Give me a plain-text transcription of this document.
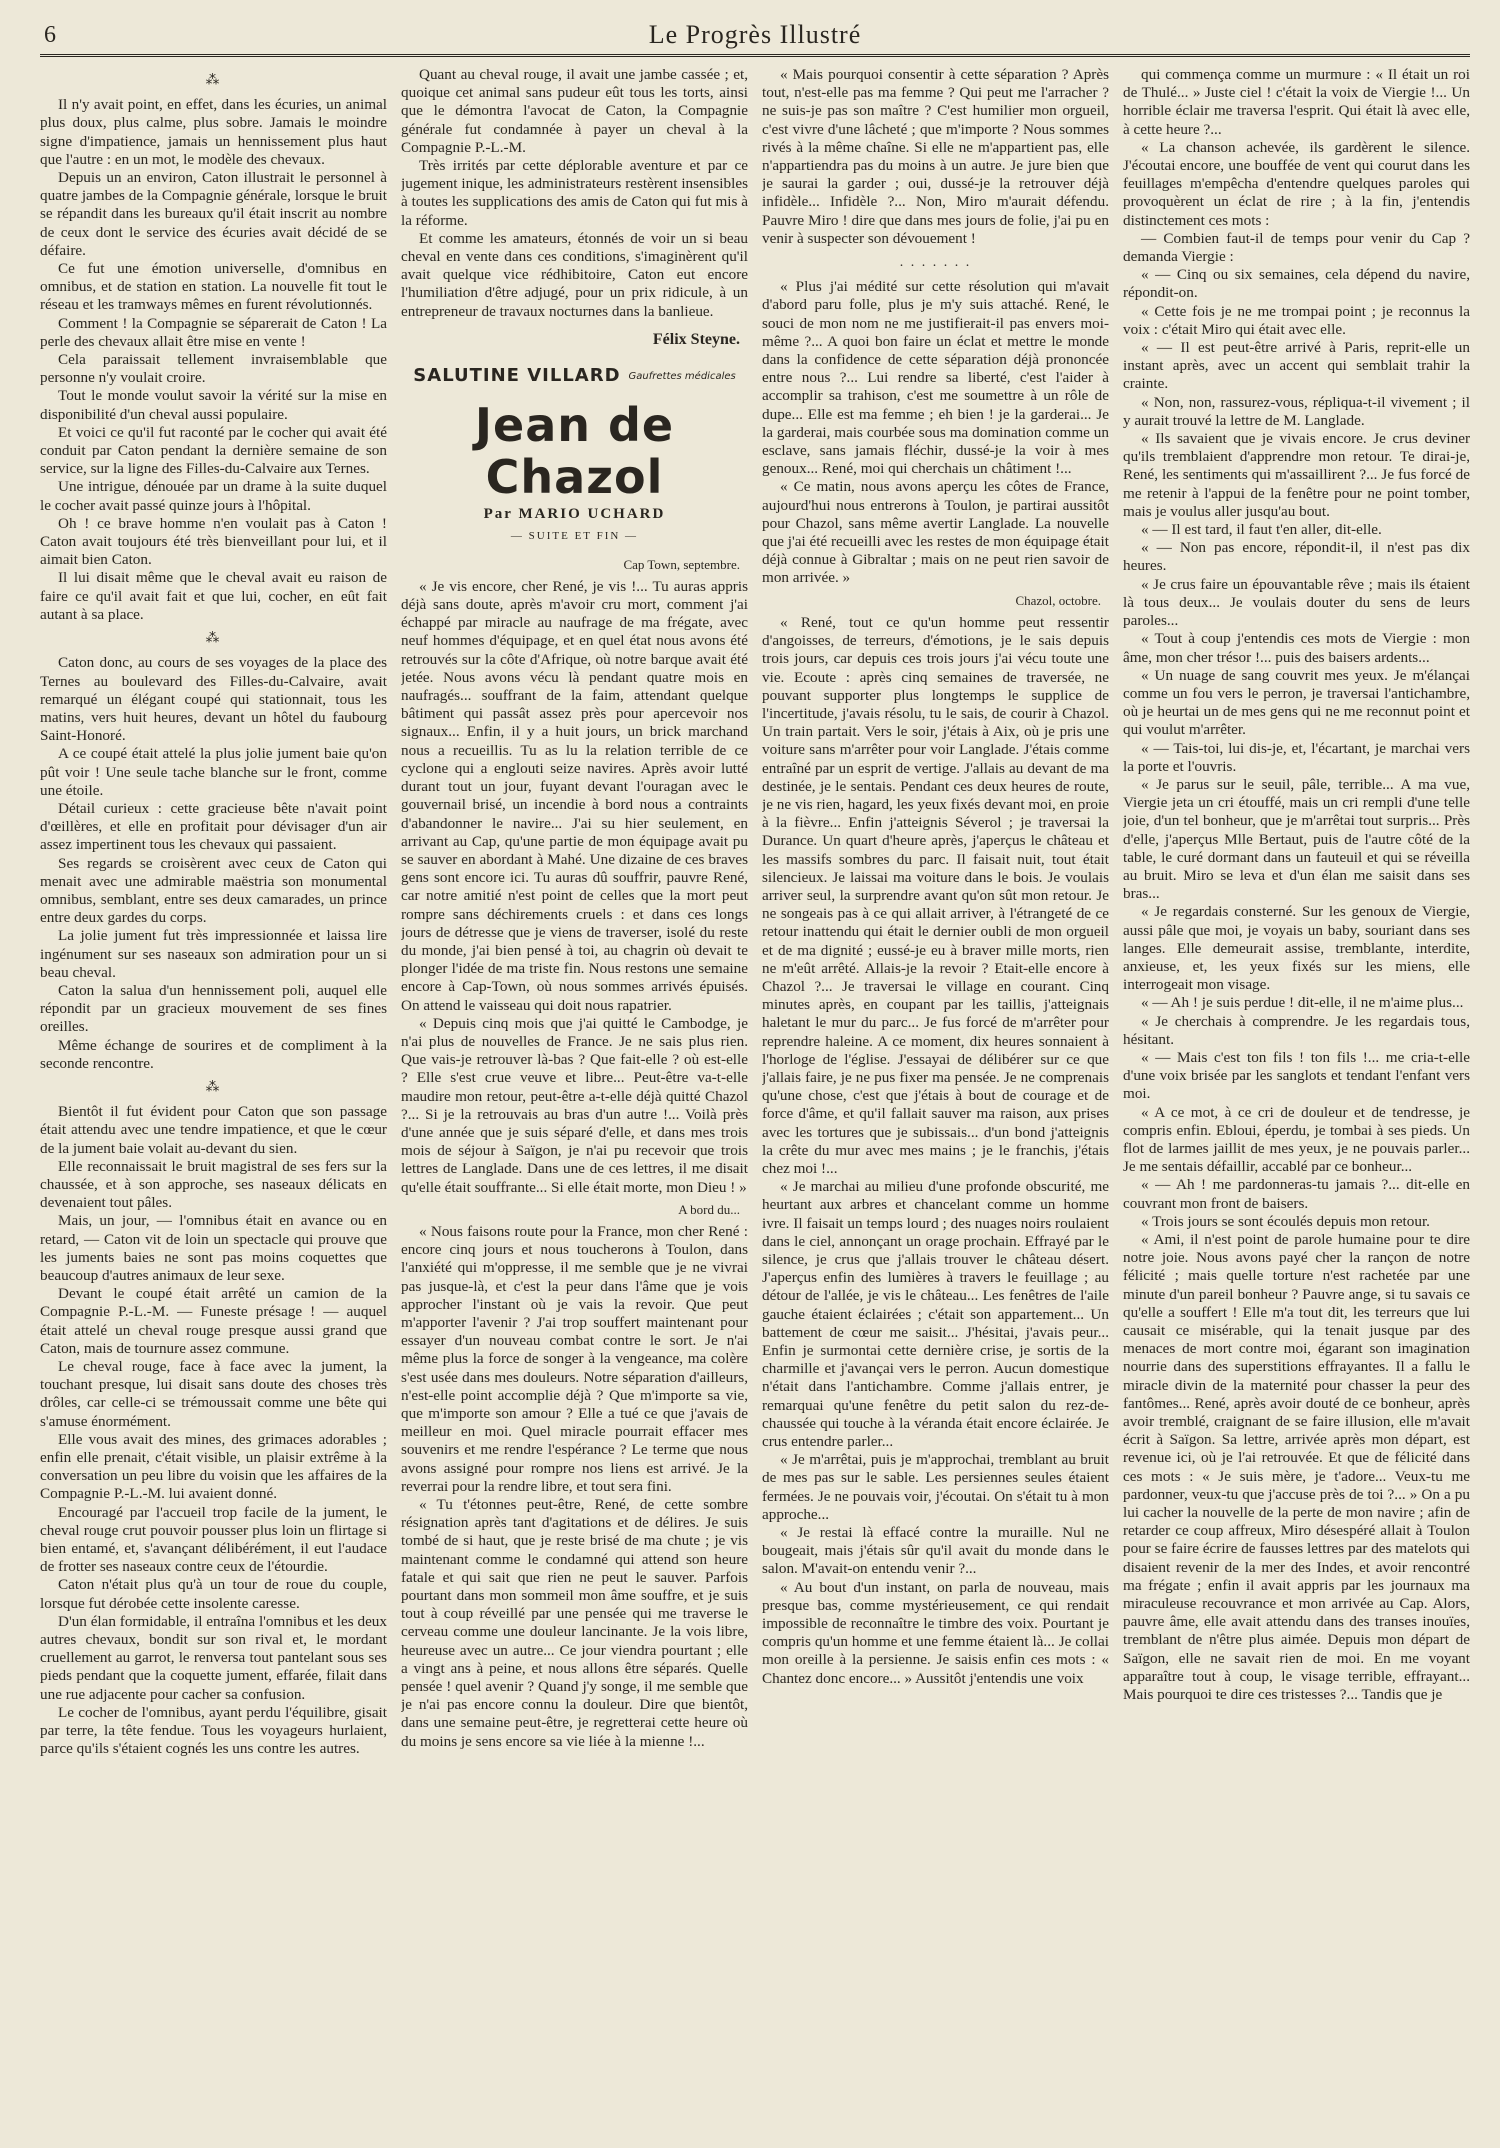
6	Le Progrès Illustré
⁂

Il n'y avait point, en effet, dans les écuries, un animal plus doux, plus calme, plus sobre. Jamais le moindre signe d'impatience, jamais un hennissement plus haut que l'autre : en un mot, le modèle des chevaux.

Depuis un an environ, Caton illustrait le personnel à quatre jambes de la Compagnie générale, lorsque le bruit se répandit dans les bureaux qu'il était inscrit au nombre de ceux dont le service des écuries avait décidé de se défaire.

Ce fut une émotion universelle, d'omnibus en omnibus, et de station en station. La nouvelle fit tout le réseau et les tramways mêmes en furent révolutionnés.

Comment ! la Compagnie se séparerait de Caton ! La perle des chevaux allait être mise en vente !

Cela paraissait tellement invraisemblable que personne n'y voulait croire.

Tout le monde voulut savoir la vérité sur la mise en disponibilité d'un cheval aussi populaire.

Et voici ce qu'il fut raconté par le cocher qui avait été conduit par Caton pendant la dernière semaine de son service, sur la ligne des Filles-du-Calvaire aux Ternes.

Une intrigue, dénouée par un drame à la suite duquel le cocher avait passé quinze jours à l'hôpital.

Oh ! ce brave homme n'en voulait pas à Caton ! Caton avait toujours été très bienveillant pour lui, et il aimait bien Caton.

Il lui disait même que le cheval avait eu raison de faire ce qu'il avait fait et que lui, cocher, en eût fait autant à sa place.

⁂

Caton donc, au cours de ses voyages de la place des Ternes au boulevard des Filles-du-Calvaire, avait remarqué un élégant coupé qui stationnait, tous les matins, vers huit heures, devant un hôtel du faubourg Saint-Honoré.

A ce coupé était attelé la plus jolie jument baie qu'on pût voir ! Une seule tache blanche sur le front, comme une étoile.

Détail curieux : cette gracieuse bête n'avait point d'œillères, et elle en profitait pour dévisager d'un air assez impertinent tous les chevaux qui passaient.

Ses regards se croisèrent avec ceux de Caton qui menait avec une admirable maëstria son monumental omnibus, semblant, entre ses deux camarades, un prince entre deux gardes du corps.

La jolie jument fut très impressionnée et laissa lire ingénument sur ses naseaux son admiration pour un si beau cheval.

Caton la salua d'un hennissement poli, auquel elle répondit par un gracieux mouvement de ses fines oreilles.

Même échange de sourires et de compliment à la seconde rencontre.

⁂

Bientôt il fut évident pour Caton que son passage était attendu avec une tendre impatience, et que le cœur de la jument baie volait au-devant du sien.

Elle reconnaissait le bruit magistral de ses fers sur la chaussée, et à son approche, ses naseaux délicats en devenaient tout pâles.

Mais, un jour, — l'omnibus était en avance ou en retard, — Caton vit de loin un spectacle qui prouve que les juments baies ne sont pas moins coquettes que beaucoup d'autres animaux de leur sexe.

Devant le coupé était arrêté un camion de la Compagnie P.-L.-M. — Funeste présage ! — auquel était attelé un cheval rouge presque aussi grand que Caton, mais de tournure assez commune.

Le cheval rouge, face à face avec la jument, la touchant presque, lui disait sans doute des choses très drôles, car celle-ci se trémoussait comme une bête qui s'amuse énormément.

Elle vous avait des mines, des grimaces adorables ; enfin elle prenait, c'était visible, un plaisir extrême à la conversation un peu libre du voisin que les affaires de la Compagnie P.-L.-M. lui avaient donné.

Encouragé par l'accueil trop facile de la jument, le cheval rouge crut pouvoir pousser plus loin un flirtage si bien entamé, et, s'avançant délibérément, il eut l'audace de frotter ses naseaux contre ceux de l'étourdie.

Caton n'était plus qu'à un tour de roue du couple, lorsque fut dérobée cette insolente caresse.

D'un élan formidable, il entraîna l'omnibus et les deux autres chevaux, bondit sur son rival et, le mordant cruellement au garrot, le renversa tout pantelant sous ses pieds pendant que la coquette jument, effarée, filait dans une rue adjacente pour cacher sa confusion.

Le cocher de l'omnibus, ayant perdu l'équilibre, gisait par terre, la tête fendue. Tous les voyageurs hurlaient, parce qu'ils s'étaient cognés les uns contre les autres.

Quant au cheval rouge, il avait une jambe cassée ; et, quoique cet animal sans pudeur eût tous les torts, ainsi que le démontra l'avocat de Caton, la Compagnie générale fut condamnée à payer un cheval à la Compagnie P.-L.-M.

Très irrités par cette déplorable aventure et par ce jugement inique, les administrateurs restèrent insensibles à toutes les supplications des amis de Caton qui fut mis à la réforme.

Et comme les amateurs, étonnés de voir un si beau cheval en vente dans ces conditions, s'imaginèrent qu'il avait quelque vice rédhibitoire, Caton eut encore l'humiliation d'être adjugé, pour un prix ridicule, à un entrepreneur de travaux nocturnes dans la banlieue.

Félix Steyne.
SALUTINE VILLARD Gaufrettes médicales
Jean de Chazol
Par MARIO UCHARD
— SUITE ET FIN —
Cap Town, septembre.

« Je vis encore, cher René, je vis !... Tu auras appris déjà sans doute, après m'avoir cru mort, comment j'ai échappé par miracle au naufrage de ma frégate, avec neuf hommes d'équipage, et en quel état nous avons été retrouvés sur la côte d'Afrique, où notre barque avait été jetée. Nous avons vécu là pendant quatre mois en naufragés... souffrant de la faim, attendant quelque bâtiment qui passât assez près pour apercevoir nos signaux... Enfin, il y a huit jours, un brick marchand nous a recueillis. Tu as lu la relation terrible de ce cyclone qui a englouti seize navires. Après avoir lutté durant tout un jour, fuyant devant l'ouragan avec le gouvernail brisé, un incendie à bord nous a contraints d'abandonner le navire... J'ai su hier seulement, en arrivant au Cap, qu'une partie de mon équipage avait pu se sauver en abordant à Mahé. Une dizaine de ces braves gens sont encore ici. Tu auras dû souffrir, pauvre René, car notre amitié n'est point de celles que la mort peut rompre sans déchirements cruels : et dans ces longs jours de détresse que je viens de traverser, isolé du reste du monde, j'ai bien pensé à toi, au chagrin où devait te plonger l'idée de ma triste fin. Nous restons une semaine encore à Cap-Town, où nous sommes arrivés épuisés. On attend le vaisseau qui doit nous rapatrier.

« Depuis cinq mois que j'ai quitté le Cambodge, je n'ai plus de nouvelles de France. Je ne sais plus rien. Que vais-je retrouver là-bas ? Que fait-elle ? où est-elle ? Elle s'est crue veuve et libre... Peut-être va-t-elle maudire mon retour, peut-être a-t-elle déjà quitté Chazol ?... Si je la retrouvais au bras d'un autre !... Voilà près d'une année que je suis séparé d'elle, et dans mes trois mois de séjour à Saïgon, je n'ai pu recevoir que trois lettres de Langlade. Dans une de ces lettres, il me disait qu'elle était souffrante... Si elle était morte, mon Dieu ! »

A bord du...

« Nous faisons route pour la France, mon cher René : encore cinq jours et nous toucherons à Toulon, dans l'anxiété qui m'oppresse, il me semble que je ne vivrai pas jusque-là, et c'est la peur dans l'âme que je vois approcher l'instant où je vais la revoir. Que peut m'apporter l'avenir ? J'ai trop souffert maintenant pour essayer d'un nouveau combat contre le sort. Je n'ai même plus la force de songer à la vengeance, ma colère s'est usée dans mes douleurs. Notre séparation d'ailleurs, n'est-elle point accomplie déjà ? Que m'importe sa vie, que m'importe son amour ? Elle a tué ce que j'avais de meilleur en moi. Quel miracle pourrait effacer mes souvenirs et me rendre l'espérance ? Le terme que nous avons assigné pour rompre nos liens est arrivé. Je la reverrai pour la rendre libre, et tout sera fini.

« Tu t'étonnes peut-être, René, de cette sombre résignation après tant d'agitations et de délires. Je suis tombé de si haut, que je reste brisé de ma chute ; je vis maintenant comme le condamné qui attend son heure fatale et qui sait que rien ne peut le sauver. Parfois pourtant dans mon sommeil mon âme souffre, et je suis tout à coup réveillé par une pensée qui me traverse le cerveau comme une douleur lancinante. Je la vois libre, heureuse avec un autre... Ce jour viendra pourtant ; elle a vingt ans à peine, et nous allons être séparés. Quelle pensée ! quel avenir ? Quand j'y songe, il me semble que je n'ai pas encore connu la douleur. Dire que bientôt, dans une semaine peut-être, je regretterai cette heure où du moins je sens encore sa vie liée à la mienne !...

« Mais pourquoi consentir à cette séparation ? Après tout, n'est-elle pas ma femme ? Qui peut me l'arracher ? ne suis-je pas son maître ? C'est humilier mon orgueil, c'est vivre d'une lâcheté ; que m'importe ? Nous sommes rivés à la même chaîne. Si elle ne m'appartient pas, elle n'appartiendra pas du moins à un autre. Je jure bien que je saurai la garder ; oui, dussé-je la retrouver déjà infidèle... Infidèle ?... Non, Miro m'aurait défendu. Pauvre Miro ! dire que dans mes jours de folie, j'ai pu en venir à suspecter son dévouement !

. . . . . . .

« Plus j'ai médité sur cette résolution qui m'avait d'abord paru folle, plus je m'y suis attaché. René, le souci de mon nom ne me justifierait-il pas envers moi-même ?... A quoi bon faire un éclat et mettre le monde dans la confidence de cette séparation déjà prononcée entre nous ?... Lui rendre sa liberté, c'est l'aider à accomplir sa trahison, c'est me soumettre à un rôle de dupe... Elle est ma femme ; eh bien ! je la garderai... Je la garderai, mais courbée sous ma domination comme un esclave, sans jamais fléchir, dussé-je la voir à mes genoux... René, moi qui cherchais un châtiment !...

« Ce matin, nous avons aperçu les côtes de France, aujourd'hui nous entrerons à Toulon, je partirai aussitôt pour Chazol, sans même avertir Langlade. La nouvelle que j'ai été recueilli avec les restes de mon équipage était déjà connue à Gibraltar ; mais on ne peut rien savoir de mon arrivée. »

Chazol, octobre.

« René, tout ce qu'un homme peut ressentir d'angoisses, de terreurs, d'émotions, je le sais depuis trois jours, car depuis ces trois jours j'ai vécu toute une vie. Ecoute : après cinq semaines de traversée, ne pouvant supporter plus longtemps le supplice de l'incertitude, j'avais résolu, tu le sais, de courir à Chazol. Un train partait. Vers le soir, j'étais à Aix, où je pris une voiture sans m'arrêter pour voir Langlade. J'étais comme entraîné par un esprit de vertige. J'allais au devant de ma destinée, je le sentais. Pendant ces deux heures de route, je ne vis rien, hagard, les yeux fixés devant moi, en proie à la fièvre... Enfin j'atteignis Séverol ; je traversai la Durance. Un quart d'heure après, j'aperçus le château et les massifs sombres du parc. Il faisait nuit, tout était silencieux. Je laissai ma voiture dans le bois. Je voulais arriver seul, la surprendre avant qu'on sût mon retour. Je ne songeais pas à ce qui allait arriver, à l'étrangeté de ce retour inattendu qui était le dernier oubli de mon orgueil et de ma dignité ; eussé-je eu à braver mille morts, rien ne m'eût arrêté. Allais-je la revoir ? Etait-elle encore à Chazol ?... Je traversai le village en courant. Cinq minutes après, en coupant par les taillis, j'atteignais haletant le mur du parc... Je fus forcé de m'arrêter pour reprendre haleine. A ce moment, dix heures sonnaient à l'horloge de l'église. J'essayai de délibérer sur ce que j'allais faire, je ne pus fixer ma pensée. Je ne comprenais qu'une chose, c'est que j'étais à bout de courage et de force d'âme, et qu'il fallait sauver ma raison, aux prises avec les tortures que je subissais... d'un bond j'atteignis la crête du mur avec mes mains ; je le franchis, j'étais chez moi !...

« Je marchai au milieu d'une profonde obscurité, me heurtant aux arbres et chancelant comme un homme ivre. Il faisait un temps lourd ; des nuages noirs roulaient dans le ciel, annonçant un orage prochain. Effrayé par le silence, je crus que j'allais trouver le château désert. J'aperçus enfin des lumières à travers le feuillage ; au détour de l'allée, je vis le château... Les fenêtres de l'aile gauche étaient éclairées ; c'était son appartement... Un battement de cœur me saisit... J'hésitai, j'avais peur... Enfin je surmontai cette dernière crise, je sortis de la charmille et j'avançai vers le perron. Aucun domestique n'était dans l'antichambre. Comme j'allais entrer, je remarquai qu'une fenêtre du petit salon du rez-de-chaussée qui touche à la véranda était encore éclairée. Je crus entendre parler...

« Je m'arrêtai, puis je m'approchai, tremblant au bruit de mes pas sur le sable. Les persiennes seules étaient fermées. Je ne pouvais voir, j'écoutai. On s'était tu à mon approche...

« Je restai là effacé contre la muraille. Nul ne bougeait, mais j'étais sûr qu'il avait du monde dans le salon. M'avait-on entendu venir ?...

« Au bout d'un instant, on parla de nouveau, mais presque bas, comme mystérieusement, ce qui rendait impossible de reconnaître le timbre des voix. Pourtant je compris qu'un homme et une femme étaient là... Je collai mon oreille à la persienne. Je saisis enfin ces mots : « Chantez donc encore... » Aussitôt j'entendis une voix

qui commença comme un murmure : « Il était un roi de Thulé... » Juste ciel ! c'était la voix de Viergie !... Un horrible éclair me traversa l'esprit. Qui était là avec elle, à cette heure ?...

« La chanson achevée, ils gardèrent le silence. J'écoutai encore, une bouffée de vent qui courut dans les feuillages m'empêcha d'entendre quelques paroles qui provoquèrent un éclat de rire ; à la fin, j'entendis distinctement ces mots :

— Combien faut-il de temps pour venir du Cap ? demanda Viergie :

« — Cinq ou six semaines, cela dépend du navire, répondit-on.

« Cette fois je ne me trompai point ; je reconnus la voix : c'était Miro qui était avec elle.

« — Il est peut-être arrivé à Paris, reprit-elle un instant après, avec un accent qui semblait trahir la crainte.

« Non, non, rassurez-vous, répliqua-t-il vivement ; il y aurait trouvé la lettre de M. Langlade.

« Ils savaient que je vivais encore. Je crus deviner qu'ils tremblaient d'apprendre mon retour. Te dirai-je, René, les sentiments qui m'assaillirent ?... Je fus forcé de me retenir à l'appui de la fenêtre pour ne point tomber, mais je voulus aller jusqu'au bout.

« — Il est tard, il faut t'en aller, dit-elle.

« — Non pas encore, répondit-il, il n'est pas dix heures.

« Je crus faire un épouvantable rêve ; mais ils étaient là tous deux... Je voulais douter du sens de leurs paroles...

« Tout à coup j'entendis ces mots de Viergie : mon âme, mon cher trésor !... puis des baisers ardents...

« Un nuage de sang couvrit mes yeux. Je m'élançai comme un fou vers le perron, je traversai l'antichambre, où je heurtai un de mes gens qui ne me reconnut point et qui voulut m'arrêter.

« — Tais-toi, lui dis-je, et, l'écartant, je marchai vers la porte et l'ouvris.

« Je parus sur le seuil, pâle, terrible... A ma vue, Viergie jeta un cri étouffé, mais un cri rempli d'une telle joie, d'un tel bonheur, que je m'arrêtai tout surpris... Près d'elle, j'aperçus Mlle Bertaut, puis de l'autre côté de la table, le curé dormant dans un fauteuil et qui se réveilla au bruit. Miro se leva et d'un élan me saisit dans ses bras...

« Je regardais consterné. Sur les genoux de Viergie, aussi pâle que moi, je voyais un baby, souriant dans ses langes. Elle demeurait assise, tremblante, interdite, anxieuse, et, les yeux fixés sur les miens, elle interrogeait mon visage.

« — Ah ! je suis perdue ! dit-elle, il ne m'aime plus...

« Je cherchais à comprendre. Je les regardais tous, hésitant.

« — Mais c'est ton fils ! ton fils !... me cria-t-elle d'une voix brisée par les sanglots et tendant l'enfant vers moi.

« A ce mot, à ce cri de douleur et de tendresse, je compris enfin. Ebloui, éperdu, je tombai à ses pieds. Un flot de larmes jaillit de mes yeux, je ne pouvais parler... Je me sentais défaillir, accablé par ce bonheur...

« — Ah ! me pardonneras-tu jamais ?... dit-elle en couvrant mon front de baisers.

« Trois jours se sont écoulés depuis mon retour.

« Ami, il n'est point de parole humaine pour te dire notre joie. Nous avons payé cher la rançon de notre félicité ; mais quelle torture n'est rachetée par une minute d'un pareil bonheur ? Pauvre ange, si tu savais ce qu'elle a souffert ! Elle m'a tout dit, les terreurs que lui causait ce misérable, qui la tenait jusque par des menaces de mort contre moi, égarant son imagination nourrie dans des superstitions effrayantes. Il a fallu le miracle divin de la maternité pour chasser la peur des fantômes... René, après avoir douté de ce bonheur, après avoir tremblé, craignant de se faire illusion, elle m'avait écrit à Saïgon. Sa lettre, arrivée après mon départ, est revenue ici, où je l'ai retrouvée. Et que de félicité dans ces mots : « Je suis mère, je t'adore... Veux-tu me pardonner, veux-tu que j'accuse près de toi ?... » On a pu lui cacher la nouvelle de la perte de mon navire ; afin de retarder ce coup affreux, Miro désespéré allait à Toulon pour se faire écrire de fausses lettres par des matelots qui disaient revenir de la mer des Indes, et avoir rencontré ma frégate ; enfin il avait appris par les journaux ma miraculeuse recouvrance et mon arrivée au Cap. Alors, pauvre âme, elle avait attendu dans des transes inouïes, tremblant de n'être plus aimée. Depuis mon départ de Saïgon, elle ne savait rien de moi. En me voyant apparaître tout à coup, le visage terrible, effrayant... Mais pourquoi te dire ces tristesses ?... Tandis que je
